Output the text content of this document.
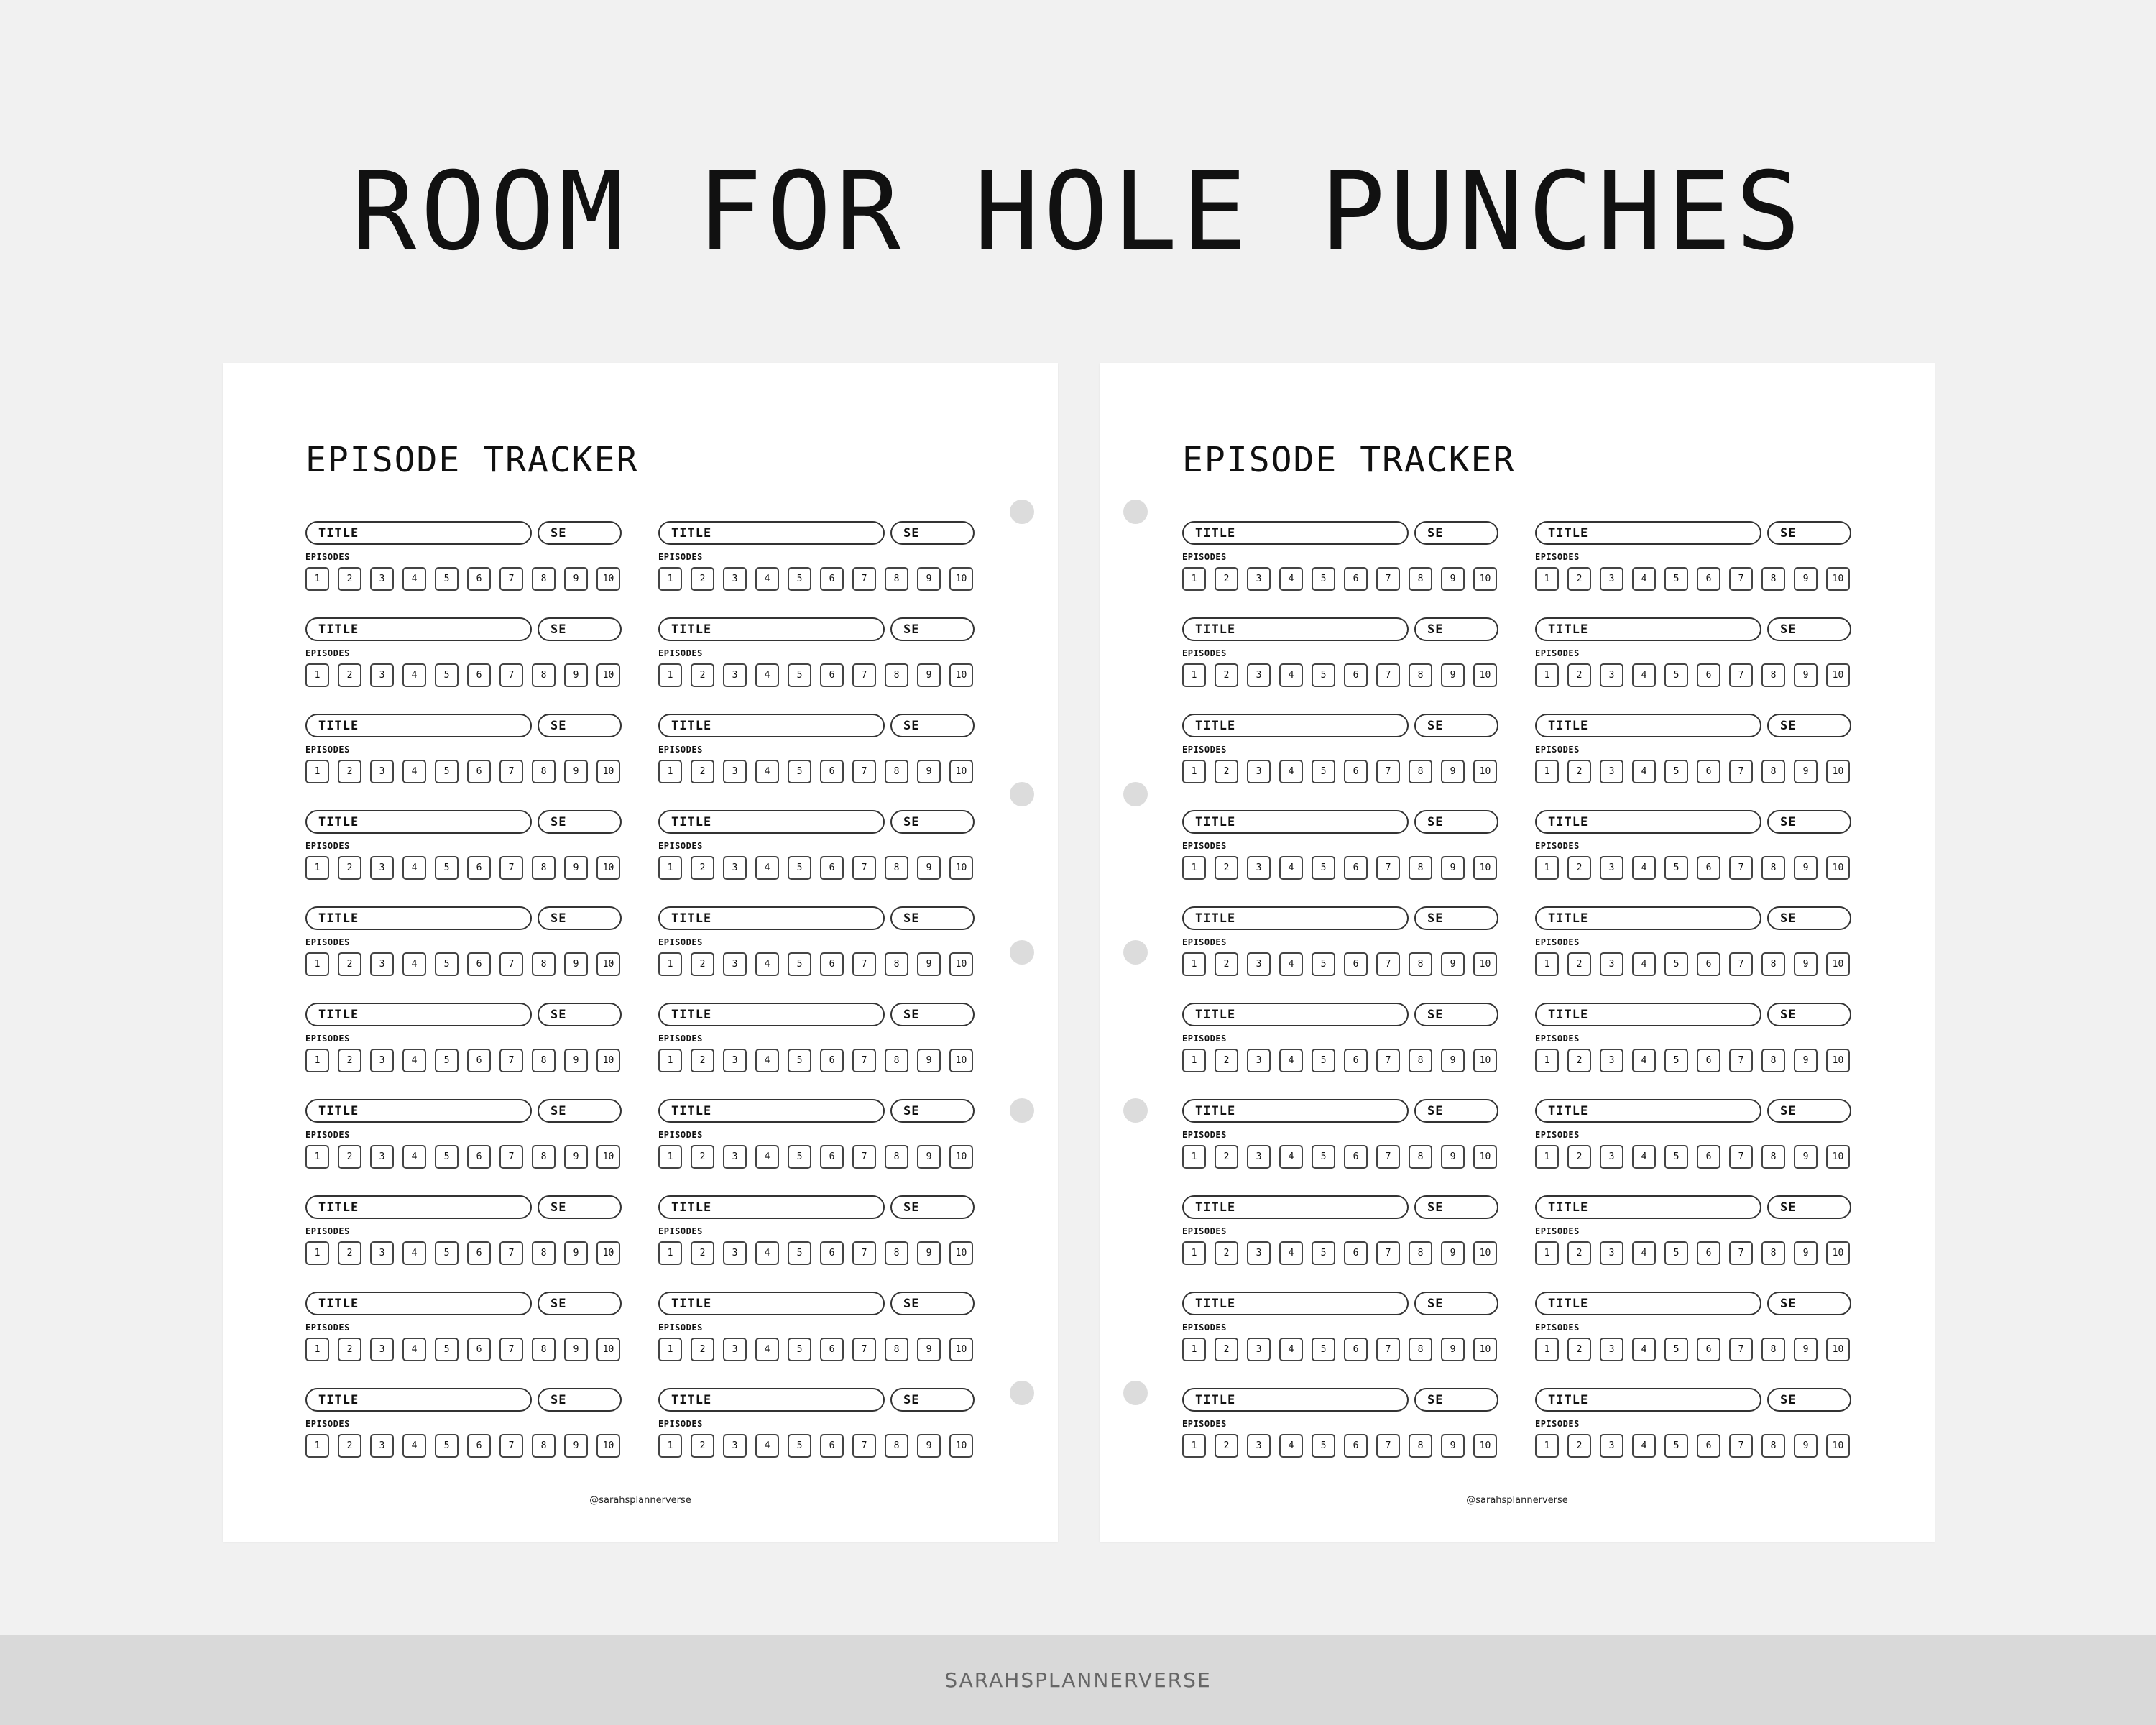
ROOM FOR HOLE PUNCHES
EPISODE TRACKER
TITLE	SE
EPISODES
1	2	3	4	5	6	7	8	9	10
TITLE	SE
EPISODES
1	2	3	4	5	6	7	8	9	10
TITLE	SE
EPISODES
1	2	3	4	5	6	7	8	9	10
TITLE	SE
EPISODES
1	2	3	4	5	6	7	8	9	10
TITLE	SE
EPISODES
1	2	3	4	5	6	7	8	9	10
TITLE	SE
EPISODES
1	2	3	4	5	6	7	8	9	10
TITLE	SE
EPISODES
1	2	3	4	5	6	7	8	9	10
TITLE	SE
EPISODES
1	2	3	4	5	6	7	8	9	10
TITLE	SE
EPISODES
1	2	3	4	5	6	7	8	9	10
TITLE	SE
EPISODES
1	2	3	4	5	6	7	8	9	10
TITLE	SE
EPISODES
1	2	3	4	5	6	7	8	9	10
TITLE	SE
EPISODES
1	2	3	4	5	6	7	8	9	10
TITLE	SE
EPISODES
1	2	3	4	5	6	7	8	9	10
TITLE	SE
EPISODES
1	2	3	4	5	6	7	8	9	10
TITLE	SE
EPISODES
1	2	3	4	5	6	7	8	9	10
TITLE	SE
EPISODES
1	2	3	4	5	6	7	8	9	10
TITLE	SE
EPISODES
1	2	3	4	5	6	7	8	9	10
TITLE	SE
EPISODES
1	2	3	4	5	6	7	8	9	10
TITLE	SE
EPISODES
1	2	3	4	5	6	7	8	9	10
TITLE	SE
EPISODES
1	2	3	4	5	6	7	8	9	10
@sarahsplannerverse
EPISODE TRACKER
TITLE	SE
EPISODES
1	2	3	4	5	6	7	8	9	10
TITLE	SE
EPISODES
1	2	3	4	5	6	7	8	9	10
TITLE	SE
EPISODES
1	2	3	4	5	6	7	8	9	10
TITLE	SE
EPISODES
1	2	3	4	5	6	7	8	9	10
TITLE	SE
EPISODES
1	2	3	4	5	6	7	8	9	10
TITLE	SE
EPISODES
1	2	3	4	5	6	7	8	9	10
TITLE	SE
EPISODES
1	2	3	4	5	6	7	8	9	10
TITLE	SE
EPISODES
1	2	3	4	5	6	7	8	9	10
TITLE	SE
EPISODES
1	2	3	4	5	6	7	8	9	10
TITLE	SE
EPISODES
1	2	3	4	5	6	7	8	9	10
TITLE	SE
EPISODES
1	2	3	4	5	6	7	8	9	10
TITLE	SE
EPISODES
1	2	3	4	5	6	7	8	9	10
TITLE	SE
EPISODES
1	2	3	4	5	6	7	8	9	10
TITLE	SE
EPISODES
1	2	3	4	5	6	7	8	9	10
TITLE	SE
EPISODES
1	2	3	4	5	6	7	8	9	10
TITLE	SE
EPISODES
1	2	3	4	5	6	7	8	9	10
TITLE	SE
EPISODES
1	2	3	4	5	6	7	8	9	10
TITLE	SE
EPISODES
1	2	3	4	5	6	7	8	9	10
TITLE	SE
EPISODES
1	2	3	4	5	6	7	8	9	10
TITLE	SE
EPISODES
1	2	3	4	5	6	7	8	9	10
@sarahsplannerverse
SARAHSPLANNERVERSE
